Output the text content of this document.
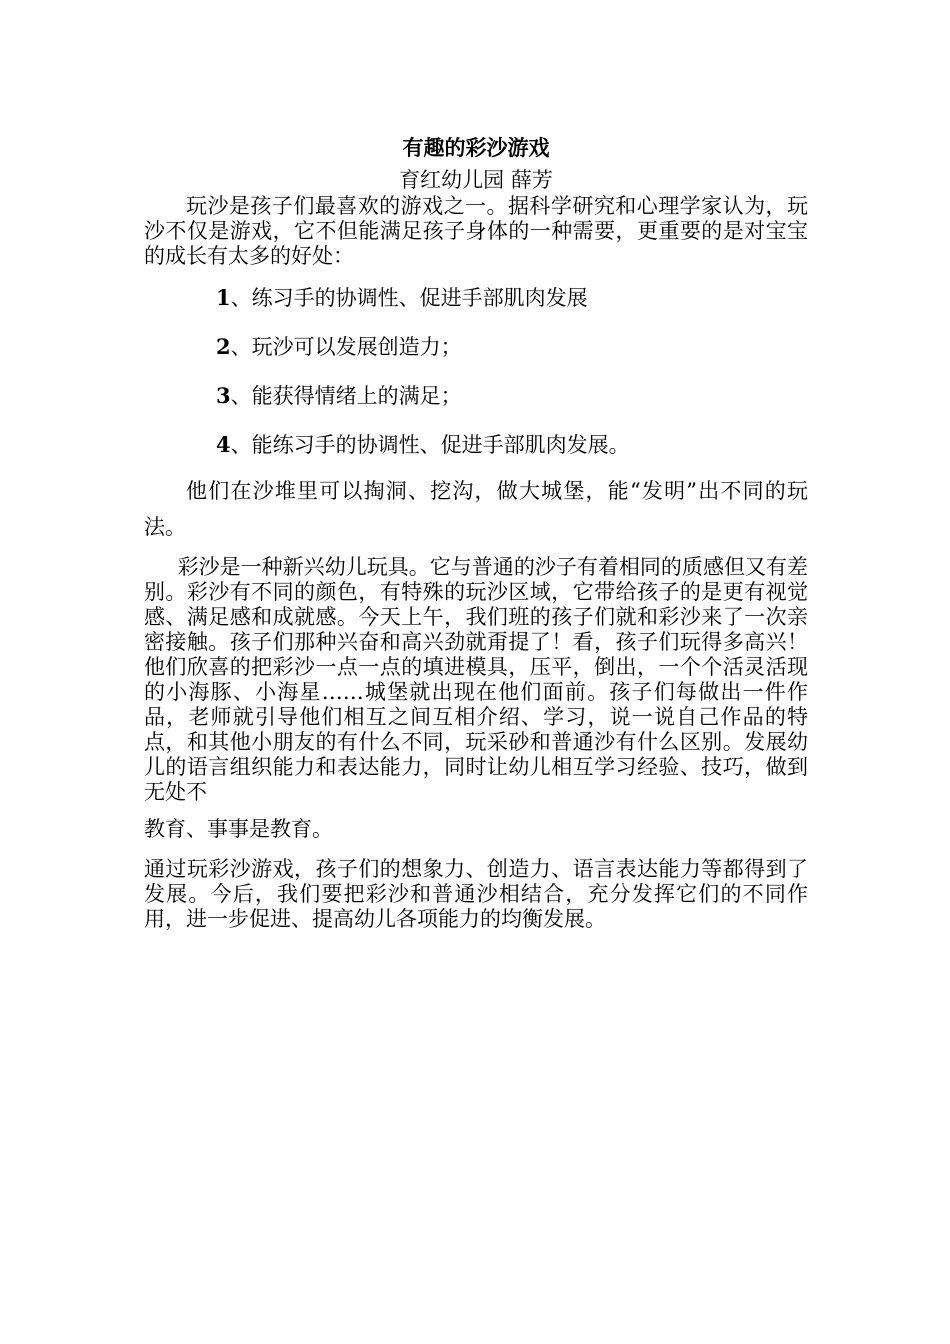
有趣的彩沙游戏

育红幼儿园 薛芳

玩沙是孩子们最喜欢的游戏之一。据科学研究和心理学家认为，玩沙不仅是游戏，它不但能满足孩子身体的一种需要，更重要的是对宝宝的成长有太多的好处：

1、练习手的协调性、促进手部肌肉发展
2、玩沙可以发展创造力；
3、能获得情绪上的满足；
4、能练习手的协调性、促进手部肌肉发展。

他们在沙堆里可以掏洞、挖沟，做大城堡，能“发明”出不同的玩法。

彩沙是一种新兴幼儿玩具。它与普通的沙子有着相同的质感但又有差别。彩沙有不同的颜色，有特殊的玩沙区域，它带给孩子的是更有视觉感、满足感和成就感。今天上午，我们班的孩子们就和彩沙来了一次亲密接触。孩子们那种兴奋和高兴劲就甭提了！看，孩子们玩得多高兴！他们欣喜的把彩沙一点一点的填进模具，压平，倒出，一个个活灵活现的小海豚、小海星……城堡就出现在他们面前。孩子们每做出一件作品，老师就引导他们相互之间互相介绍、学习，说一说自己作品的特点，和其他小朋友的有什么不同，玩采砂和普通沙有什么区别。发展幼儿的语言组织能力和表达能力，同时让幼儿相互学习经验、技巧，做到无处不

教育、事事是教育。

通过玩彩沙游戏，孩子们的想象力、创造力、语言表达能力等都得到了发展。今后，我们要把彩沙和普通沙相结合，充分发挥它们的不同作用，进一步促进、提高幼儿各项能力的均衡发展。
